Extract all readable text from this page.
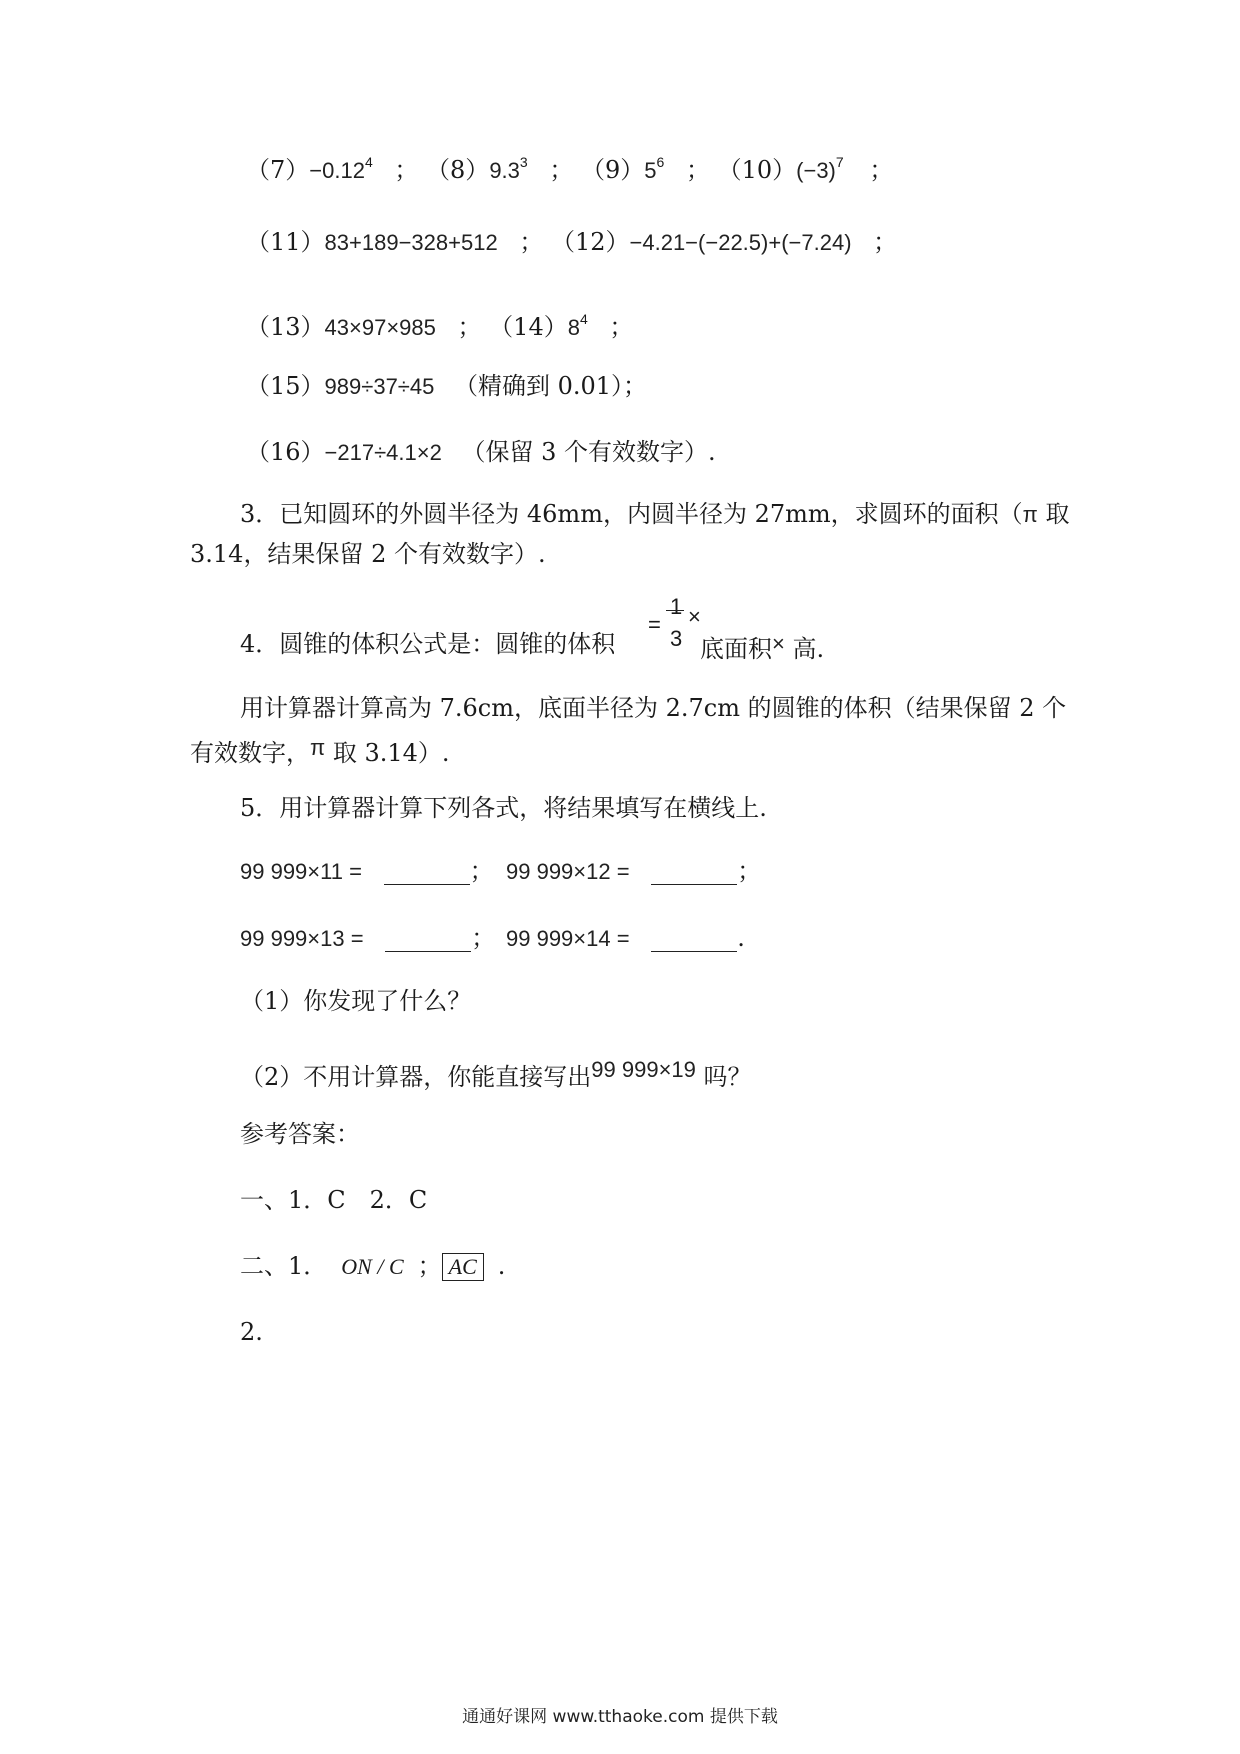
$(7)-0.12^4$ ； $(8)9.3^3$ ； $(9)5^6$ ； $(10)(-3)^7$ ；
（11）83+189−328+512 ； （12）−4.21−(−22.5)+(−7.24) ；
（13）43×97×985 ； $(14)8^4$ ；
（15）989÷37÷45 （精确到 0.01）；
（16）−217÷4.1×2 （保留 3 个有效数字）.
3．已知圆环的外圆半径为 46mm，内圆半径为 27mm，求圆环的面积（π 取
3.14，结果保留 2 个有效数字）.
4．圆锥的体积公式是：圆锥的体积
=
1
3
×
底面积× 高.
用计算器计算高为 7.6cm，底面半径为 2.7cm 的圆锥的体积（结果保留 2 个
有效数字，π 取 3.14）.
5．用计算器计算下列各式，将结果填写在横线上.
99 999×11 =	； 99 999×12 =	；
99 999×13 =	； 99 999×14 =	.
（1）你发现了什么？
（2）不用计算器，你能直接写出99 999×19 吗？
参考答案：
一、1．C　2．C
二、1． ON / C ； AC .
2.
通通好课网 www.tthaoke.com 提供下载
